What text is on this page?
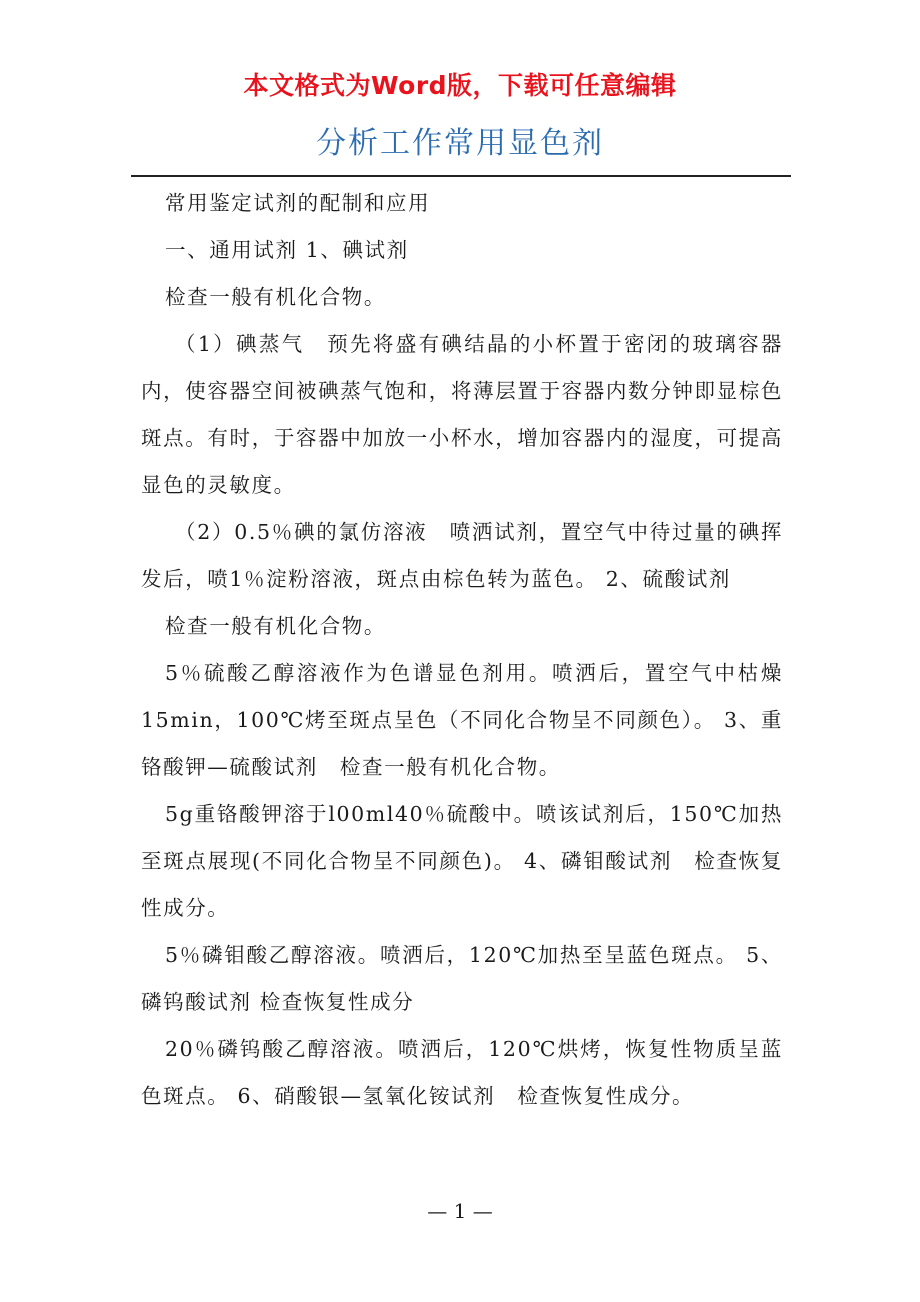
本文格式为Word版，下载可任意编辑
分析工作常用显色剂

常用鉴定试剂的配制和应用

一、通用试剂 1、碘试剂

检查一般有机化合物。

（1）碘蒸气　预先将盛有碘结晶的小杯置于密闭的玻璃容器内，使容器空间被碘蒸气饱和，将薄层置于容器内数分钟即显棕色斑点。有时，于容器中加放一小杯水，增加容器内的湿度，可提高显色的灵敏度。

（2）0.5％碘的氯仿溶液　喷洒试剂，置空气中待过量的碘挥发后，喷1％淀粉溶液，斑点由棕色转为蓝色。 2、硫酸试剂

检查一般有机化合物。

5％硫酸乙醇溶液作为色谱显色剂用。喷洒后，置空气中枯燥15min，100℃烤至斑点呈色（不同化合物呈不同颜色）。 3、重铬酸钾—硫酸试剂　检查一般有机化合物。

5g重铬酸钾溶于l00ml40％硫酸中。喷该试剂后，150℃加热至斑点展现(不同化合物呈不同颜色)。 4、磷钼酸试剂　检查恢复性成分。

5％磷钼酸乙醇溶液。喷洒后，120℃加热至呈蓝色斑点。 5、磷钨酸试剂 检查恢复性成分

20％磷钨酸乙醇溶液。喷洒后，120℃烘烤，恢复性物质呈蓝色斑点。 6、硝酸银—氢氧化铵试剂　检查恢复性成分。

— 1 —
